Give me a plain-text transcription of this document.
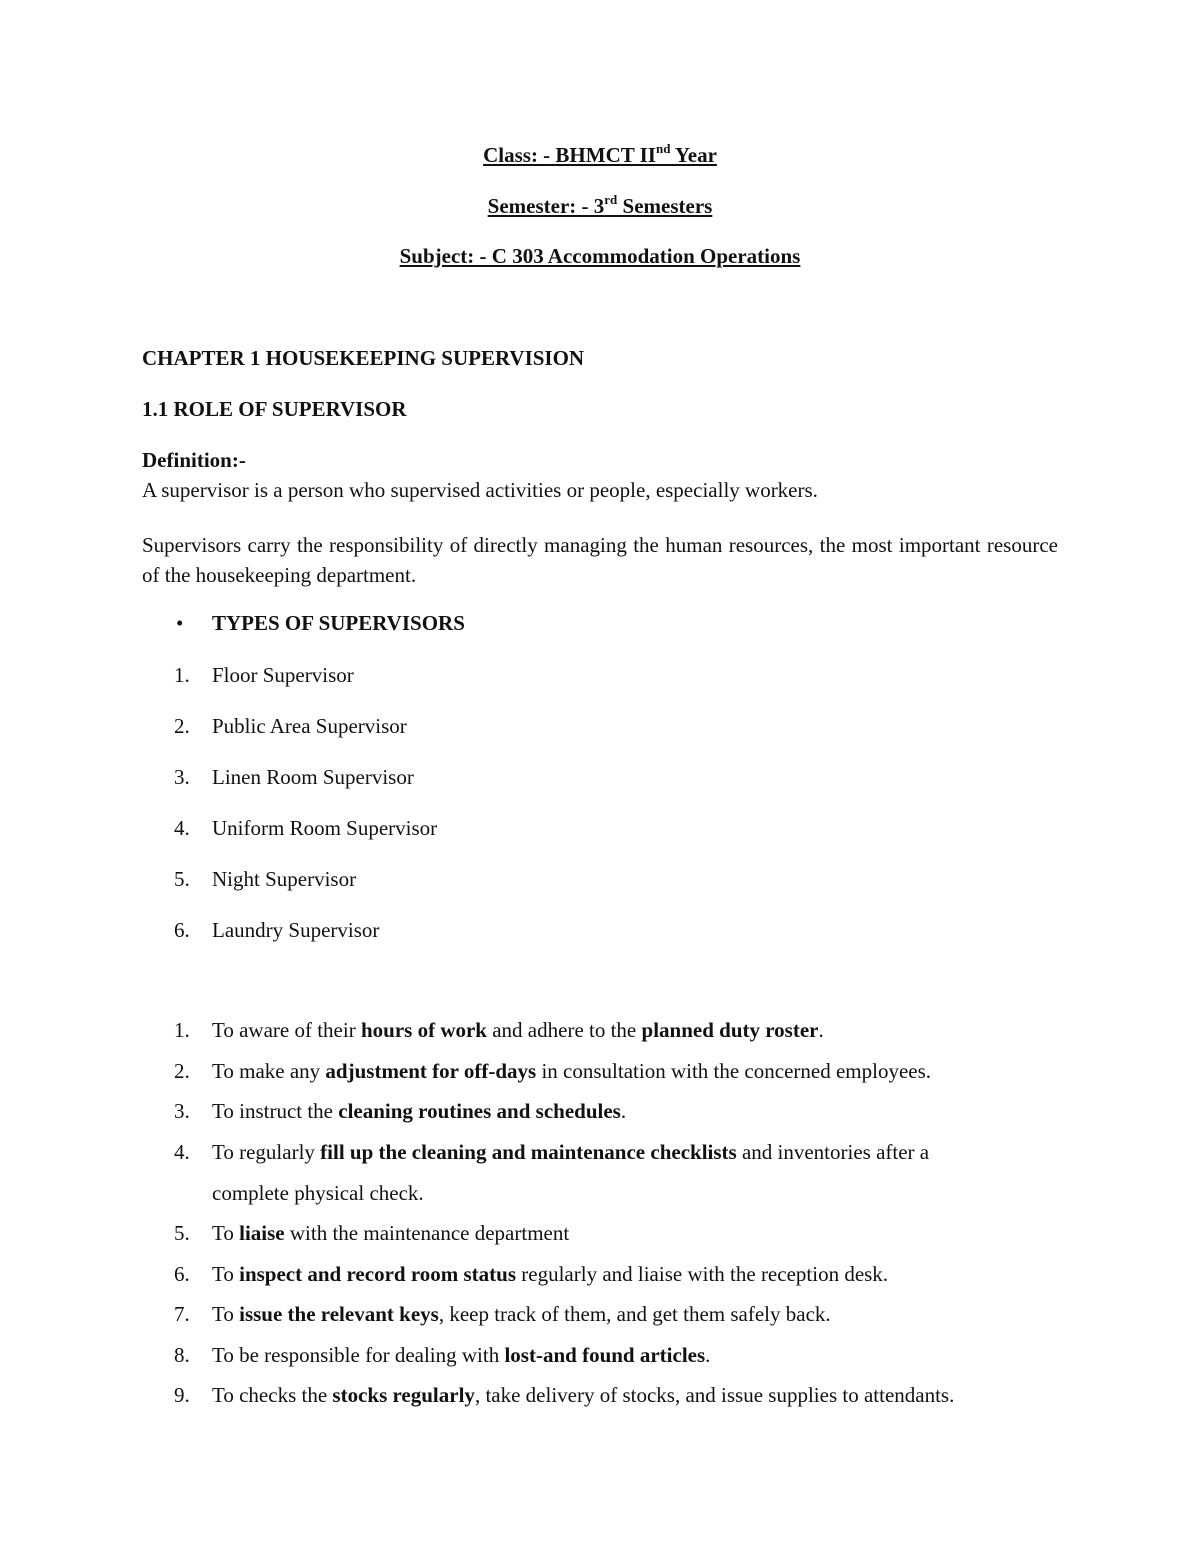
Class: - BHMCT IInd Year
Semester: - 3rd Semesters
Subject: - C 303 Accommodation Operations
CHAPTER 1 HOUSEKEEPING SUPERVISION
1.1 ROLE OF SUPERVISOR
Definition:-
A supervisor is a person who supervised activities or people, especially workers.
Supervisors carry the responsibility of directly managing the human resources, the most important resource of the housekeeping department.
• TYPES OF SUPERVISORS
1. Floor Supervisor
2. Public Area Supervisor
3. Linen Room Supervisor
4. Uniform Room Supervisor
5. Night Supervisor
6. Laundry Supervisor
1. To aware of their hours of work and adhere to the planned duty roster.
2. To make any adjustment for off-days in consultation with the concerned employees.
3. To instruct the cleaning routines and schedules.
4. To regularly fill up the cleaning and maintenance checklists and inventories after a
complete physical check.
5. To liaise with the maintenance department
6. To inspect and record room status regularly and liaise with the reception desk.
7. To issue the relevant keys, keep track of them, and get them safely back.
8. To be responsible for dealing with lost-and found articles.
9. To checks the stocks regularly, take delivery of stocks, and issue supplies to attendants.
